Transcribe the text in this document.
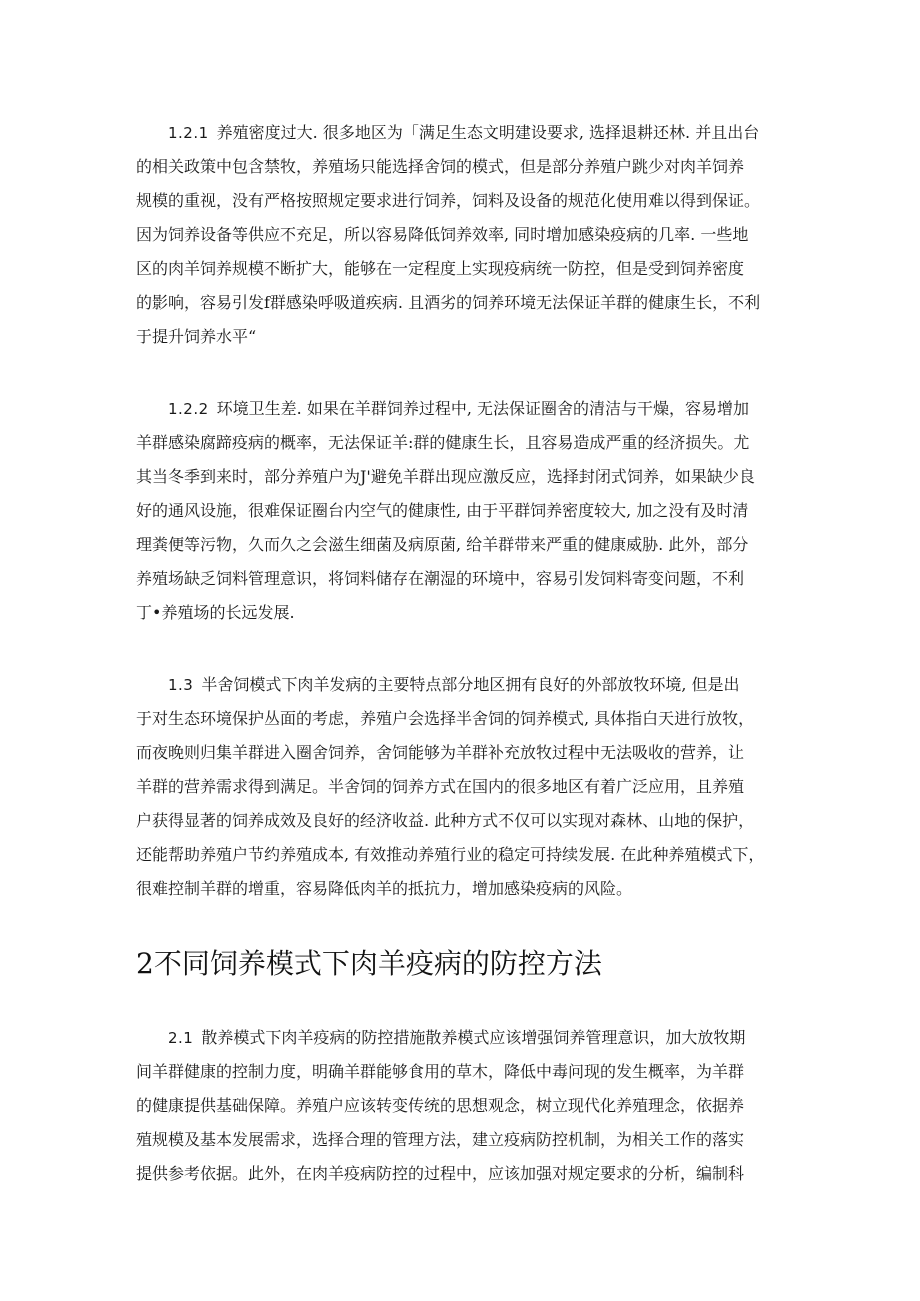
1.2.1 养殖密度过大. 很多地区为「满足生态文明建设要求, 选择退耕还林. 并且出台
的相关政策中包含禁牧，养殖场只能选择舍饲的模式，但是部分养殖户跳少对肉羊饲养
规模的重视，没有严格按照规定要求进行饲养，饲料及设备的规范化使用难以得到保证。
因为饲养设备等供应不充足，所以容易降低饲养效率, 同时增加感染疫病的几率. 一些地
区的肉羊饲养规模不断扩大，能够在一定程度上实现疫病统一防控，但是受到饲养密度
的影响，容易引发f群感染呼吸道疾病. 且酒劣的饲养环境无法保证羊群的健康生长，不利
于提升饲养水平“
1.2.2 环境卫生差. 如果在羊群饲养过程中, 无法保证圈舍的清洁与干燥，容易增加
羊群感染腐蹄疫病的概率，无法保证羊:群的健康生长，且容易造成严重的经济损失。尤
其当冬季到来时，部分养殖户为J'避免羊群出现应激反应，选择封闭式饲养，如果缺少良
好的通风设施，很难保证圈台内空气的健康性, 由于平群饲养密度较大, 加之没有及时清
理粪便等污物，久而久之会滋生细菌及病原菌, 给羊群带来严重的健康威胁. 此外，部分
养殖场缺乏饲料管理意识，将饲料储存在潮湿的环境中，容易引发饲料寄变问题，不利
丁•养殖场的长远发展.
1.3 半舍饲模式下肉羊发病的主要特点部分地区拥有良好的外部放牧环境, 但是出
于对生态环境保护丛面的考虑，养殖户会选择半舍饲的饲养模式, 具体指白天进行放牧，
而夜晚则归集羊群进入圈舍饲养，舍饲能够为羊群补充放牧过程中无法吸收的营养，让
羊群的营养需求得到满足。半舍饲的饲养方式在国内的很多地区有着广泛应用，且养殖
户获得显著的饲养成效及良好的经济收益. 此种方式不仅可以实现对森林、山地的保护，
还能帮助养殖户节约养殖成本, 有效推动养殖行业的稳定可持续发展. 在此种养殖模式下，
很难控制羊群的增重，容易降低肉羊的抵抗力，增加感染疫病的风险。
2不同饲养模式下肉羊疫病的防控方法
2.1 散养模式下肉羊疫病的防控措施散养模式应该增强饲养管理意识，加大放牧期
间羊群健康的控制力度，明确羊群能够食用的草木，降低中毒问现的发生概率，为羊群
的健康提供基础保障。养殖户应该转变传统的思想观念，树立现代化养殖理念，依据养
殖规模及基本发展需求，选择合理的管理方法，建立疫病防控机制，为相关工作的落实
提供参考依据。此外，在肉羊疫病防控的过程中，应该加强对规定要求的分析，编制科
